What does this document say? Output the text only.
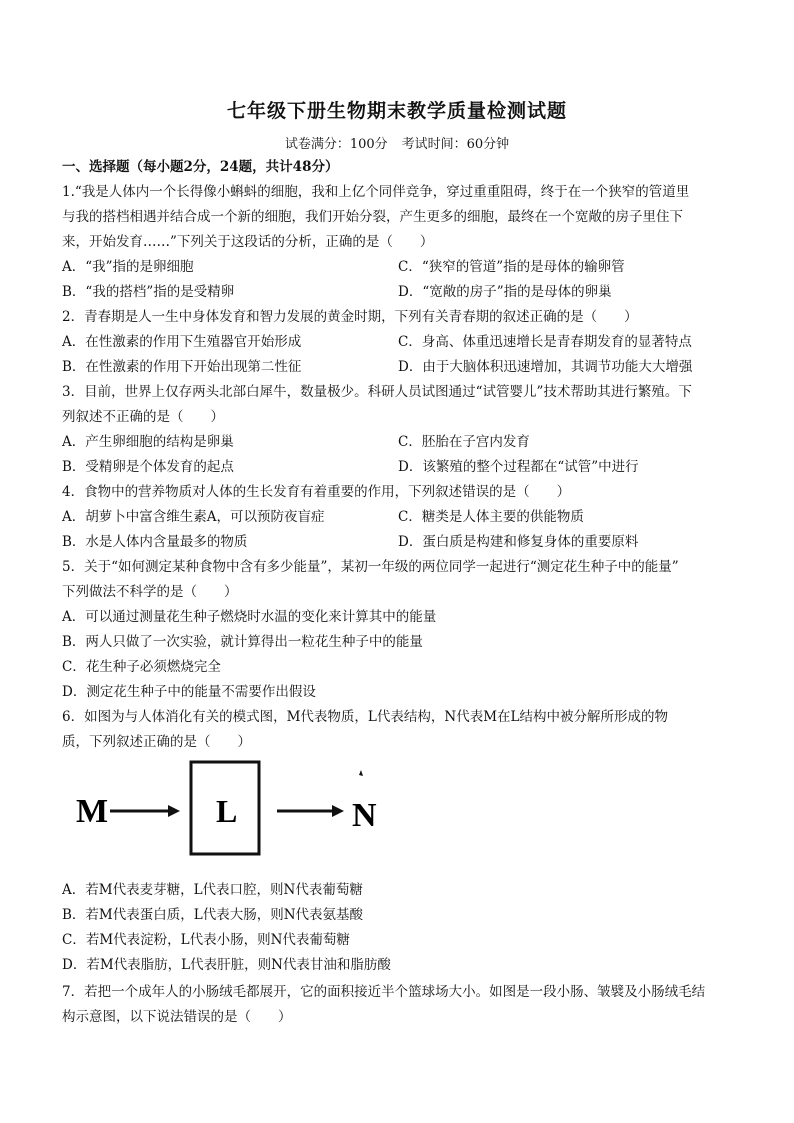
七年级下册生物期末教学质量检测试题
试卷满分：100分 考试时间：60分钟
一、选择题（每小题2分，24题，共计48分）
1.“我是人体内一个长得像小蝌蚪的细胞，我和上亿个同伴竞争，穿过重重阻碍，终于在一个狭窄的管道里
与我的搭档相遇并结合成一个新的细胞，我们开始分裂，产生更多的细胞，最终在一个宽敞的房子里住下
来，开始发育……”下列关于这段话的分析，正确的是（　　）
A．“我”指的是卵细胞	C．“狭窄的管道”指的是母体的输卵管
B．“我的搭档”指的是受精卵	D．“宽敞的房子”指的是母体的卵巢
2．青春期是人一生中身体发育和智力发展的黄金时期，下列有关青春期的叙述正确的是（　　）
A．在性激素的作用下生殖器官开始形成	C．身高、体重迅速增长是青春期发育的显著特点
B．在性激素的作用下开始出现第二性征	D．由于大脑体积迅速增加，其调节功能大大增强
3．目前，世界上仅存两头北部白犀牛，数量极少。科研人员试图通过“试管婴儿”技术帮助其进行繁殖。下
列叙述不正确的是（　　）
A．产生卵细胞的结构是卵巢	C．胚胎在子宫内发育
B．受精卵是个体发育的起点	D．该繁殖的整个过程都在“试管”中进行
4．食物中的营养物质对人体的生长发育有着重要的作用，下列叙述错误的是（　　）
A．胡萝卜中富含维生素A，可以预防夜盲症	C．糖类是人体主要的供能物质
B．水是人体内含量最多的物质	D．蛋白质是构建和修复身体的重要原料
5．关于“如何测定某种食物中含有多少能量”，某初一年级的两位同学一起进行“测定花生种子中的能量”
下列做法不科学的是（　　）
A．可以通过测量花生种子燃烧时水温的变化来计算其中的能量
B．两人只做了一次实验，就计算得出一粒花生种子中的能量
C．花生种子必须燃烧完全
D．测定花生种子中的能量不需要作出假设
6．如图为与人体消化有关的模式图，M代表物质，L代表结构，N代表M在L结构中被分解所形成的物
质，下列叙述正确的是（　　）
M	L	N
A．若M代表麦芽糖，L代表口腔，则N代表葡萄糖
B．若M代表蛋白质，L代表大肠，则N代表氨基酸
C．若M代表淀粉，L代表小肠，则N代表葡萄糖
D．若M代表脂肪，L代表肝脏，则N代表甘油和脂肪酸
7．若把一个成年人的小肠绒毛都展开，它的面积接近半个篮球场大小。如图是一段小肠、皱襞及小肠绒毛结
构示意图，以下说法错误的是（　　）
